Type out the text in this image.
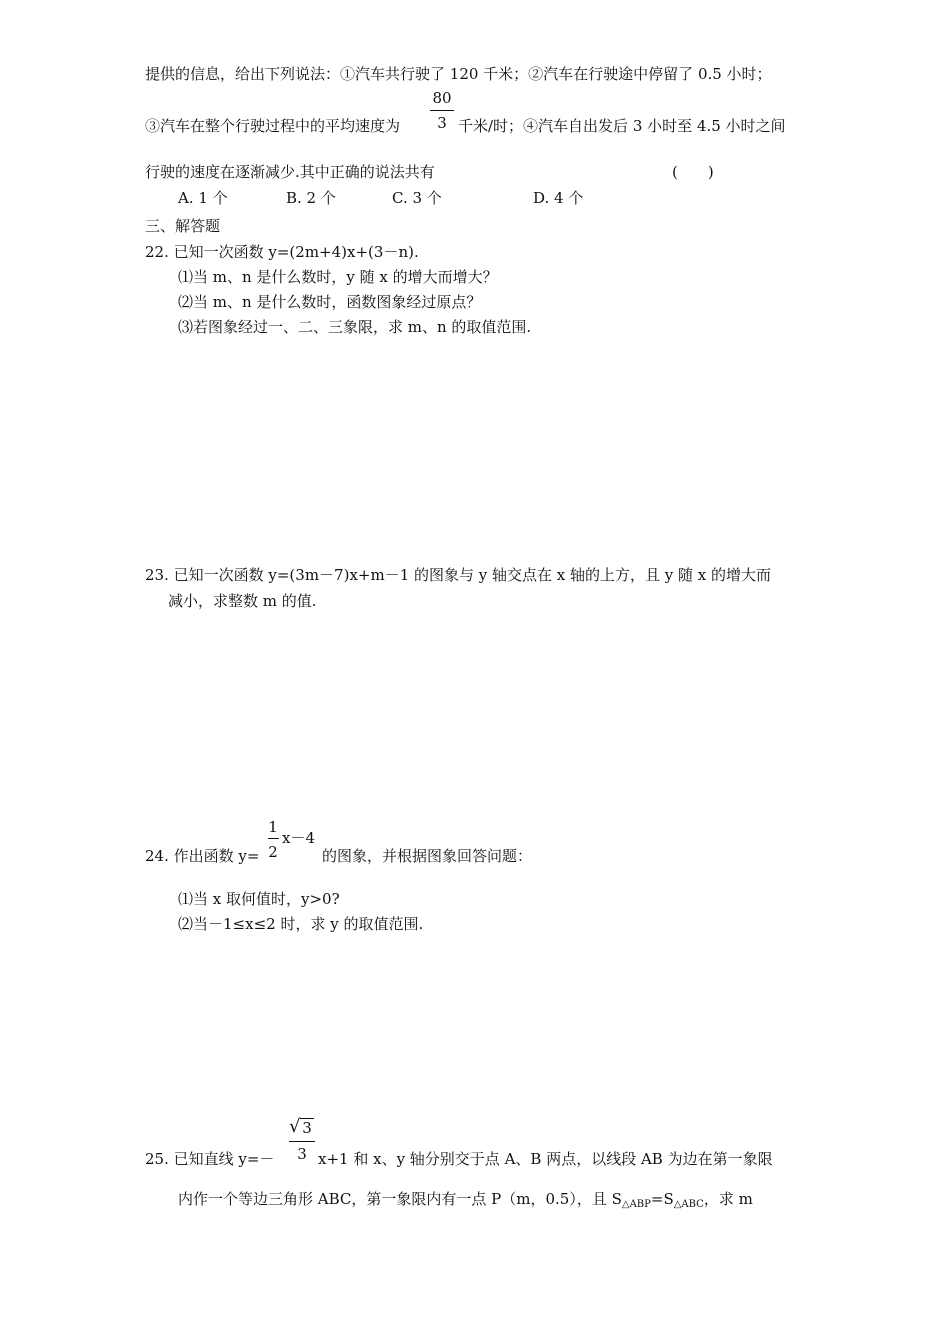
提供的信息，给出下列说法：①汽车共行驶了 120 千米；②汽车在行驶途中停留了 0.5 小时；
80
3
③汽车在整个行驶过程中的平均速度为	千米/时；④汽车自出发后 3 小时至 4.5 小时之间
行驶的速度在逐渐减少.其中正确的说法共有	(　　)
A. 1 个	B. 2 个	C. 3 个	D. 4 个
三、解答题
22. 已知一次函数 y=(2m+4)x+(3－n).
⑴当 m、n 是什么数时，y 随 x 的增大而增大？
⑵当 m、n 是什么数时，函数图象经过原点？
⑶若图象经过一、二、三象限，求 m、n 的取值范围.
23. 已知一次函数 y=(3m－7)x+m－1 的图象与 y 轴交点在 x 轴的上方，且 y 随 x 的增大而
减小，求整数 m 的值.
1
2
x－4
24. 作出函数 y=	的图象，并根据图象回答问题：
⑴当 x 取何值时，y>0?
⑵当－1≤x≤2 时，求 y 的取值范围.
√ 3
3
25. 已知直线 y=－	x+1 和 x、y 轴分别交于点 A、B 两点，以线段 AB 为边在第一象限
内作一个等边三角形 ABC，第一象限内有一点 P（m，0.5），且 $S_{\triangle ABP}=S_{\triangle ABC}$，求 m
